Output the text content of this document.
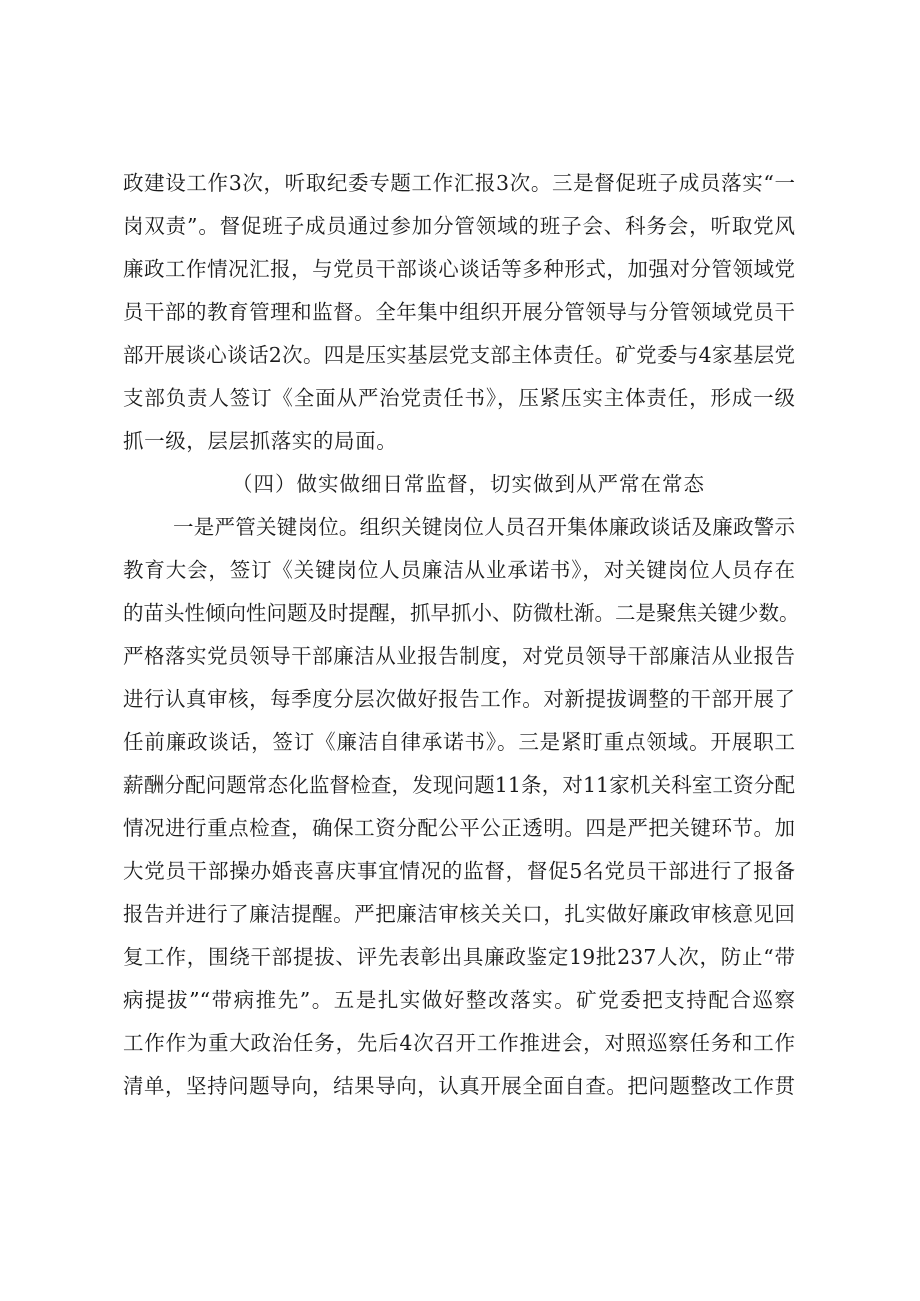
政建设工作3次，听取纪委专题工作汇报3次。三是督促班子成员落实“一
岗双责”。督促班子成员通过参加分管领域的班子会、科务会，听取党风
廉政工作情况汇报，与党员干部谈心谈话等多种形式，加强对分管领域党
员干部的教育管理和监督。全年集中组织开展分管领导与分管领域党员干
部开展谈心谈话2次。四是压实基层党支部主体责任。矿党委与4家基层党
支部负责人签订《全面从严治党责任书》，压紧压实主体责任，形成一级
抓一级，层层抓落实的局面。
（四）做实做细日常监督，切实做到从严常在常态
一是严管关键岗位。组织关键岗位人员召开集体廉政谈话及廉政警示
教育大会，签订《关键岗位人员廉洁从业承诺书》，对关键岗位人员存在
的苗头性倾向性问题及时提醒，抓早抓小、防微杜渐。二是聚焦关键少数。
严格落实党员领导干部廉洁从业报告制度，对党员领导干部廉洁从业报告
进行认真审核，每季度分层次做好报告工作。对新提拔调整的干部开展了
任前廉政谈话，签订《廉洁自律承诺书》。三是紧盯重点领域。开展职工
薪酬分配问题常态化监督检查，发现问题11条，对11家机关科室工资分配
情况进行重点检查，确保工资分配公平公正透明。四是严把关键环节。加
大党员干部操办婚丧喜庆事宜情况的监督，督促5名党员干部进行了报备
报告并进行了廉洁提醒。严把廉洁审核关关口，扎实做好廉政审核意见回
复工作，围绕干部提拔、评先表彰出具廉政鉴定19批237人次，防止“带
病提拔”“带病推先”。五是扎实做好整改落实。矿党委把支持配合巡察
工作作为重大政治任务，先后4次召开工作推进会，对照巡察任务和工作
清单，坚持问题导向，结果导向，认真开展全面自查。把问题整改工作贯
